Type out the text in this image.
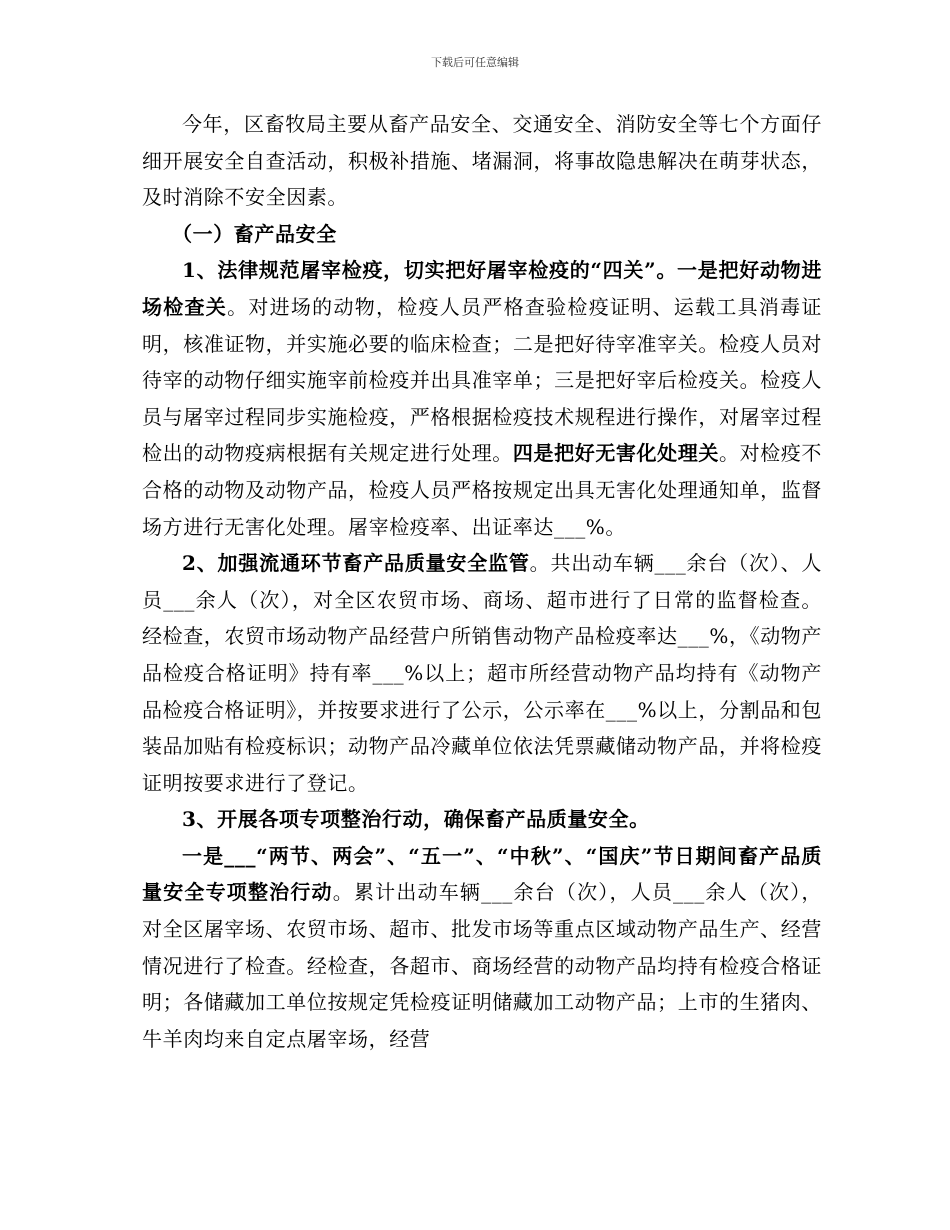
下载后可任意编辑

今年，区畜牧局主要从畜产品安全、交通安全、消防安全等七个方面仔细开展安全自查活动，积极补措施、堵漏洞，将事故隐患解决在萌芽状态，及时消除不安全因素。

（一）畜产品安全

1、法律规范屠宰检疫，切实把好屠宰检疫的“四关”。一是把好动物进场检查关。对进场的动物，检疫人员严格查验检疫证明、运载工具消毒证明，核准证物，并实施必要的临床检查；二是把好待宰准宰关。检疫人员对待宰的动物仔细实施宰前检疫并出具准宰单；三是把好宰后检疫关。检疫人员与屠宰过程同步实施检疫，严格根据检疫技术规程进行操作，对屠宰过程检出的动物疫病根据有关规定进行处理。四是把好无害化处理关。对检疫不合格的动物及动物产品，检疫人员严格按规定出具无害化处理通知单，监督场方进行无害化处理。屠宰检疫率、出证率达___%。

2、加强流通环节畜产品质量安全监管。共出动车辆___余台（次）、人员___余人（次），对全区农贸市场、商场、超市进行了日常的监督检查。经检查，农贸市场动物产品经营户所销售动物产品检疫率达___%，《动物产品检疫合格证明》持有率___%以上；超市所经营动物产品均持有《动物产品检疫合格证明》，并按要求进行了公示，公示率在___%以上，分割品和包装品加贴有检疫标识；动物产品冷藏单位依法凭票藏储动物产品，并将检疫证明按要求进行了登记。

3、开展各项专项整治行动，确保畜产品质量安全。

一是___“两节、两会”、“五一”、“中秋”、“国庆”节日期间畜产品质量安全专项整治行动。累计出动车辆___余台（次），人员___余人（次），对全区屠宰场、农贸市场、超市、批发市场等重点区域动物产品生产、经营情况进行了检查。经检查，各超市、商场经营的动物产品均持有检疫合格证明；各储藏加工单位按规定凭检疫证明储藏加工动物产品；上市的生猪肉、牛羊肉均来自定点屠宰场，经营
